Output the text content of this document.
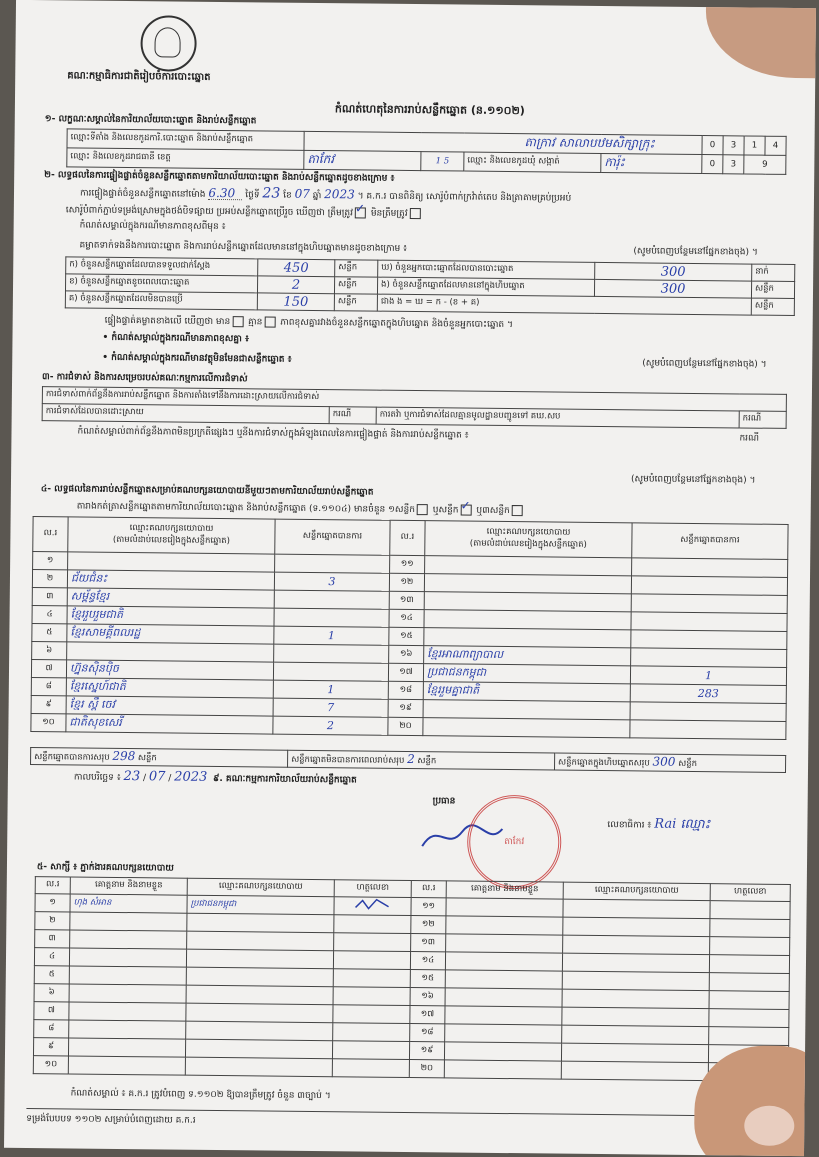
គណៈកម្មាធិការជាតិរៀបចំការបោះឆ្នោត
កំណត់ហេតុនៃការរាប់សន្លឹកឆ្នោត (ន.១១០២)
១- លក្ខណៈសម្គាល់នៃការិយាល័យបោះឆ្នោត និងរាប់សន្លឹកឆ្នោត
ឈ្មោះទីតាំង និងលេខកូដការិ.បោះឆ្នោត និងរាប់សន្លឹកឆ្នោត	តាក្រាវ សាលាបឋមសិក្សាក្រុះ				0	3	1	4
ឈ្មោះ និងលេខកូដរាជធានី ខេត្ត	តាកែវ	1 5	ឈ្មោះ និងលេខកូដឃុំ សង្កាត់	ការ៉ុះ	0	3	9	
២- លទ្ធផលនៃការផ្ទៀងផ្ទាត់ចំនួនសន្លឹកឆ្នោតតាមការិយាល័យបោះឆ្នោត និងរាប់សន្លឹកឆ្នោតដូចខាងក្រោម ៖
ការផ្ទៀងផ្ទាត់ចំនួនសន្លឹកឆ្នោតនៅម៉ោង 6.30 ថ្ងៃទី 23 ខែ 07 ឆ្នាំ 2023 ។ គ.ក.រ បានពិនិត្យ សោរ៉ូបំពាក់ក្រវ៉ាត់តេប និងត្រាតាមគ្រប់ប្រអប់
សោរ៉ូបំពាក់ភ្ជាប់ទម្រង់ស្រោមក្នុងថង់បិទផ្សាយ ប្រអប់សន្លឹកឆ្នោតប្រើរួច ឃើញថា ត្រឹមត្រូវ ✓ មិនត្រឹមត្រូវ
កំណត់សម្គាល់ក្នុងករណីមានភាពខុសពីមុន ៖
គម្លាតទាក់ទងនឹងការបោះឆ្នោត និងការរាប់សន្លឹកឆ្នោតដែលមាននៅក្នុងហិបឆ្នោតមានដូចខាងក្រោម ៖	(សូមបំពេញបន្ថែមនៅផ្នែកខាងចុង) ។
ក) ចំនួនសន្លឹកឆ្នោតដែលបានទទួលជាក់ស្តែង	450	សន្លឹក	ឃ) ចំនួនអ្នកបោះឆ្នោតដែលបានបោះឆ្នោត	300	នាក់
ខ) ចំនួនសន្លឹកឆ្នោតខូចពេលបោះឆ្នោត	2	សន្លឹក	ង) ចំនួនសន្លឹកឆ្នោតដែលមាននៅក្នុងហិបឆ្នោត	300	សន្លឹក
គ) ចំនួនសន្លឹកឆ្នោតដែលមិនបានប្រើ	150	សន្លឹក	ជាង ង = ឃ = ក - (ខ + គ)		សន្លឹក
ផ្ទៀងផ្ទាត់គម្លាតខាងលើ ឃើញថា មាន គ្មាន ភាពខុសគ្នារវាងចំនួនសន្លឹកឆ្នោតក្នុងហិបឆ្នោត និងចំនួនអ្នកបោះឆ្នោត ។
• កំណត់សម្គាល់ក្នុងករណីមានភាពខុសគ្នា ៖
• កំណត់សម្គាល់ក្នុងករណីមានវត្ថុមិនមែនជាសន្លឹកឆ្នោត ៖	(សូមបំពេញបន្ថែមនៅផ្នែកខាងចុង) ។
៣- ការជំទាស់ និងការសម្រេចរបស់គណៈកម្មការលើការជំទាស់
ការជំទាស់ពាក់ព័ន្ធនឹងការរាប់សន្លឹកឆ្នោត និងការតាំងទៅនឹងការដោះស្រាយលើការជំទាស់
ការជំទាស់ដែលបានដោះស្រាយ	ករណី	ការតវ៉ា ឬការជំទាស់ដែលគ្មានមូលដ្ឋានបញ្ជូនទៅ គឃ.សប	ករណី
កំណត់សម្គាល់ពាក់ព័ន្ធនឹងភាពមិនប្រក្រតីផ្សេងៗ ឬនីងការជំទាស់ក្នុងអំឡុងពេលនៃការផ្ទៀងផ្ទាត់ និងការរាប់សន្លឹកឆ្នោត ៖	ករណី
(សូមបំពេញបន្ថែមនៅផ្នែកខាងចុង) ។
៤- លទ្ធផលនៃការរាប់សន្លឹកឆ្នោតសម្រាប់គណបក្សនយោបាយនីមួយៗតាមការិយាល័យរាប់សន្លឹកឆ្នោត
តារាងកត់ត្រាសន្លឹកឆ្នោតតាមការិយាល័យបោះឆ្នោត និងរាប់សន្លឹកឆ្នោត (ទ.១១០៤) មានចំនួន ១សន្លឹក ឬសន្លឹក ✓ ឬ៣សន្លឹក
ល.រ	ឈ្មោះគណបក្សនយោបាយ
(តាមលំដាប់លេខរៀងក្នុងសន្លឹកឆ្នោត)	សន្លឹកឆ្នោតបានការ	ល.រ	ឈ្មោះគណបក្សនយោបាយ
(តាមលំដាប់លេខរៀងក្នុងសន្លឹកឆ្នោត)	សន្លឹកឆ្នោតបានការ
១			១១		
២	ជ័យជំនះ	3	១២		
៣	សម្ព័ន្ធខ្មែរ		១៣		
៤	ខ្មែររួបរួមជាតិ		១៤		
៥	ខ្មែរសាមគ្គីពលរដ្ឋ	1	១៥		
៦			១៦	ខ្មែរអាណាព្យាបាល	
៧	ហ្វ៊ុនស៊ិនប៉ិច		១៧	ប្រជាជនកម្ពុជា	1
៨	ខ្មែរស្នេហ៍ជាតិ	1	១៨	ខ្មែររួមគ្នាជាតិ	283
៩	ខ្មែរ ស្ពឺ ចេវ	7	១៩		
១០	ជាតិសុខសេរី	2	២០		
សន្លឹកឆ្នោតបានការសរុប 298 សន្លឹក	សន្លឹកឆ្នោតមិនបានការពេលរាប់សរុប 2 សន្លឹក	សន្លឹកឆ្នោតក្នុងហិបឆ្នោតសរុប 300 សន្លឹក
កាលបរិច្ឆេទ ៖ 23 / 07 / 2023 ៩. គណៈកម្មការការិយាល័យរាប់សន្លឹកឆ្នោត
ប្រធាន
លេខាធិការ ៖ Rai ឈ្មោះ
តាកែវ
៥- សាក្សី ៖ ភ្នាក់ងារគណបក្សនយោបាយ
ល.រ	គោត្តនាម និងនាមខ្លួន	ឈ្មោះគណបក្សនយោបាយ	ហត្ថលេខា	ល.រ	គោត្តនាម និងនាមខ្លួន	ឈ្មោះគណបក្សនយោបាយ	ហត្ថលេខា
១	ហុង សំអាន	ប្រជាជនកម្ពុជា		១១			
២				១២			
៣				១៣			
៤				១៤			
៥				១៥			
៦				១៦			
៧				១៧			
៨				១៨			
៩				១៩			
១០				២០			
កំណត់សម្គាល់ ៖ គ.ក.រ ត្រូវបំពេញ ទ.១១០២ ឱ្យបានត្រឹមត្រូវ ចំនួន ៣ច្បាប់ ។
ទម្រង់បែបបទ ១១០២ សម្រាប់បំពេញដោយ គ.ក.រ
